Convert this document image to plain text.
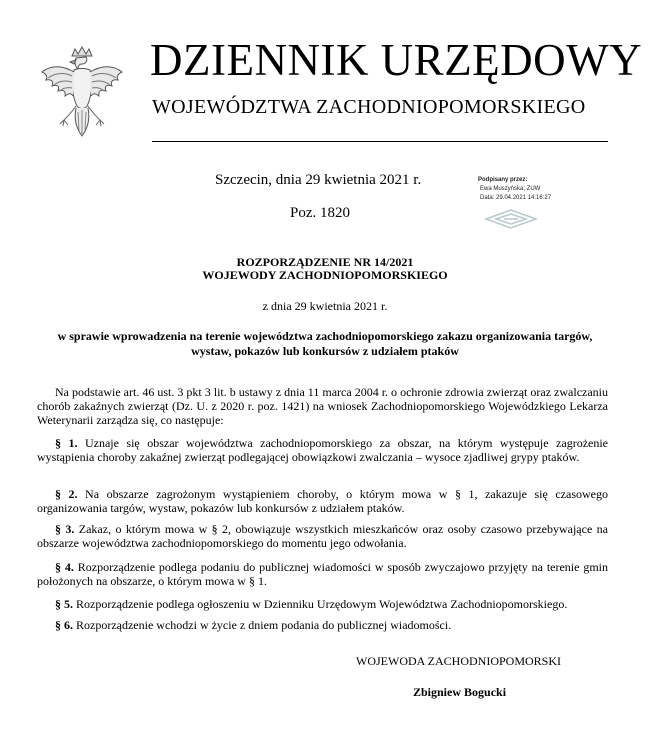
DZIENNIK URZĘDOWY
WOJEWÓDZTWA ZACHODNIOPOMORSKIEGO
Szczecin, dnia 29 kwietnia 2021 r.
Poz. 1820
Podpisany przez:
Ewa Muszyńska; ZUW
Data: 29.04.2021 14:16:27
ROZPORZĄDZENIE NR 14/2021
WOJEWODY ZACHODNIOPOMORSKIEGO
z dnia 29 kwietnia 2021 r.
w sprawie wprowadzenia na terenie województwa zachodniopomorskiego zakazu organizowania targów, wystaw, pokazów lub konkursów z udziałem ptaków
Na podstawie art. 46 ust. 3 pkt 3 lit. b ustawy z dnia 11 marca 2004 r. o ochronie zdrowia zwierząt oraz zwalczaniu chorób zakaźnych zwierząt (Dz. U. z 2020 r. poz. 1421) na wniosek Zachodniopomorskiego Wojewódzkiego Lekarza Weterynarii zarządza się, co następuje:
§ 1. Uznaje się obszar województwa zachodniopomorskiego za obszar, na którym występuje zagrożenie wystąpienia choroby zakaźnej zwierząt podlegającej obowiązkowi zwalczania – wysoce zjadliwej grypy ptaków.
§ 2. Na obszarze zagrożonym wystąpieniem choroby, o którym mowa w § 1, zakazuje się czasowego organizowania targów, wystaw, pokazów lub konkursów z udziałem ptaków.
§ 3. Zakaz, o którym mowa w § 2, obowiązuje wszystkich mieszkańców oraz osoby czasowo przebywające na obszarze województwa zachodniopomorskiego do momentu jego odwołania.
§ 4. Rozporządzenie podlega podaniu do publicznej wiadomości w sposób zwyczajowo przyjęty na terenie gmin położonych na obszarze, o którym mowa w § 1.
§ 5. Rozporządzenie podlega ogłoszeniu w Dzienniku Urzędowym Województwa Zachodniopomorskiego.
§ 6. Rozporządzenie wchodzi w życie z dniem podania do publicznej wiadomości.
WOJEWODA ZACHODNIOPOMORSKI
Zbigniew Bogucki
